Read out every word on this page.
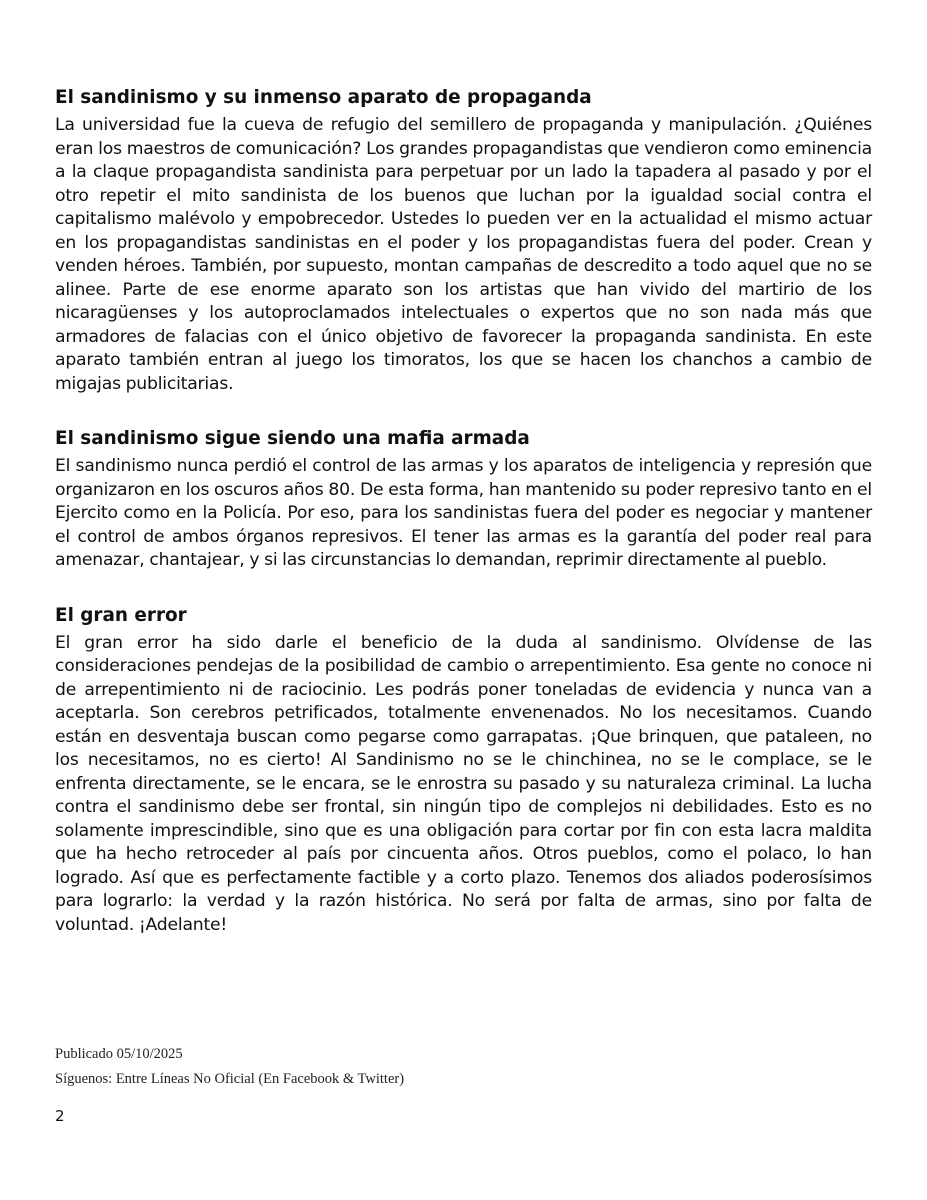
El sandinismo y su inmenso aparato de propaganda

La universidad fue la cueva de refugio del semillero de propaganda y manipulación. ¿Quiénes eran los maestros de comunicación? Los grandes propagandistas que vendieron como eminencia a la claque propagandista sandinista para perpetuar por un lado la tapadera al pasado y por el otro repetir el mito sandinista de los buenos que luchan por la igualdad social contra el capitalismo malévolo y empobrecedor. Ustedes lo pueden ver en la actualidad el mismo actuar en los propagandistas sandinistas en el poder y los propagandistas fuera del poder. Crean y venden héroes. También, por supuesto, montan campañas de descredito a todo aquel que no se alinee. Parte de ese enorme aparato son los artistas que han vivido del martirio de los nicaragüenses y los autoproclamados intelectuales o expertos que no son nada más que armadores de falacias con el único objetivo de favorecer la propaganda sandinista. En este aparato también entran al juego los timoratos, los que se hacen los chanchos a cambio de migajas publicitarias.

El sandinismo sigue siendo una mafia armada

El sandinismo nunca perdió el control de las armas y los aparatos de inteligencia y represión que organizaron en los oscuros años 80. De esta forma, han mantenido su poder represivo tanto en el Ejercito como en la Policía. Por eso, para los sandinistas fuera del poder es negociar y mantener el control de ambos órganos represivos. El tener las armas es la garantía del poder real para amenazar, chantajear, y si las circunstancias lo demandan, reprimir directamente al pueblo.

El gran error

El gran error ha sido darle el beneficio de la duda al sandinismo. Olvídense de las consideraciones pendejas de la posibilidad de cambio o arrepentimiento. Esa gente no conoce ni de arrepentimiento ni de raciocinio. Les podrás poner toneladas de evidencia y nunca van a aceptarla. Son cerebros petrificados, totalmente envenenados. No los necesitamos. Cuando están en desventaja buscan como pegarse como garrapatas. ¡Que brinquen, que pataleen, no los necesitamos, no es cierto! Al Sandinismo no se le chinchinea, no se le complace, se le enfrenta directamente, se le encara, se le enrostra su pasado y su naturaleza criminal. La lucha contra el sandinismo debe ser frontal, sin ningún tipo de complejos ni debilidades. Esto es no solamente imprescindible, sino que es una obligación para cortar por fin con esta lacra maldita que ha hecho retroceder al país por cincuenta años. Otros pueblos, como el polaco, lo han logrado. Así que es perfectamente factible y a corto plazo. Tenemos dos aliados poderosísimos para lograrlo: la verdad y la razón histórica. No será por falta de armas, sino por falta de voluntad. ¡Adelante!

Publicado 05/10/2025
Síguenos: Entre Líneas No Oficial (En Facebook & Twitter)
2
